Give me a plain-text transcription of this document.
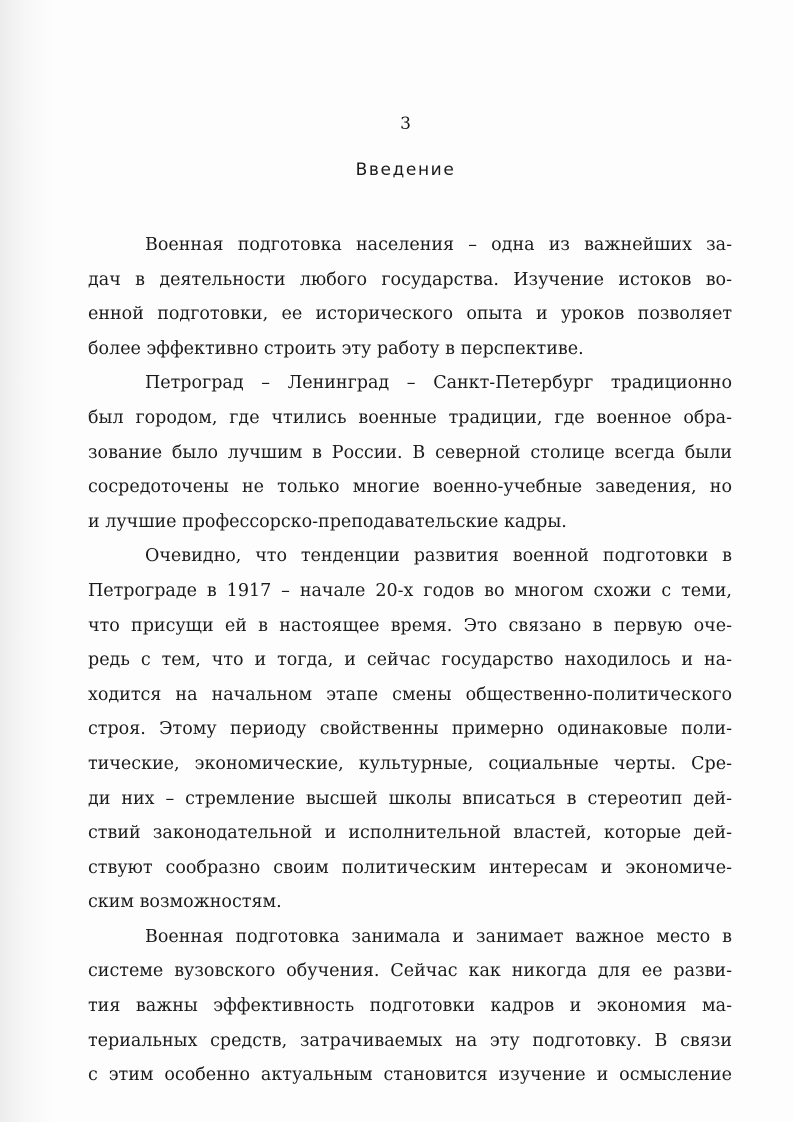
3
Введение
Военная подготовка населения – одна из важнейших за-
дач в деятельности любого государства. Изучение истоков во-
енной подготовки, ее исторического опыта и уроков позволяет
более эффективно строить эту работу в перспективе.
Петроград – Ленинград – Санкт-Петербург традиционно
был городом, где чтились военные традиции, где военное обра-
зование было лучшим в России. В северной столице всегда были
сосредоточены не только многие военно-учебные заведения, но
и лучшие профессорско-преподавательские кадры.
Очевидно, что тенденции развития военной подготовки в
Петрограде в 1917 – начале 20-х годов во многом схожи с теми,
что присущи ей в настоящее время. Это связано в первую оче-
редь с тем, что и тогда, и сейчас государство находилось и на-
ходится на начальном этапе смены общественно-политического
строя. Этому периоду свойственны примерно одинаковые поли-
тические, экономические, культурные, социальные черты. Сре-
ди них – стремление высшей школы вписаться в стереотип дей-
ствий законодательной и исполнительной властей, которые дей-
ствуют сообразно своим политическим интересам и экономиче-
ским возможностям.
Военная подготовка занимала и занимает важное место в
системе вузовского обучения. Сейчас как никогда для ее разви-
тия важны эффективность подготовки кадров и экономия ма-
териальных средств, затрачиваемых на эту подготовку. В связи
с этим особенно актуальным становится изучение и осмысление
